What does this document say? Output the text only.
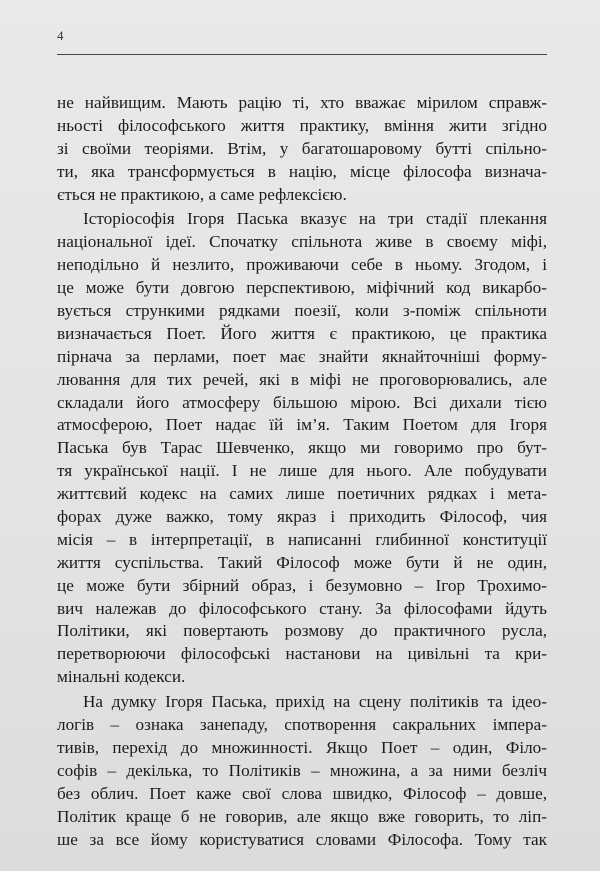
4
не найвищим. Мають рацію ті, хто вважає мірилом справж-
ньості філософського життя практику, вміння жити згідно
зі своїми теоріями. Втім, у багатошаровому бутті спільно-
ти, яка трансформується в націю, місце філософа визнача-
ється не практикою, а саме рефлексією.
Історіософія Ігоря Паська вказує на три стадії плекання
національної ідеї. Спочатку спільнота живе в своєму міфі,
неподільно й незлито, проживаючи себе в ньому. Згодом, і
це може бути довгою перспективою, міфічний код викарбо-
вується стрункими рядками поезії, коли з-поміж спільноти
визначається Поет. Його життя є практикою, це практика
пірнача за перлами, поет має знайти якнайточніші форму-
лювання для тих речей, які в міфі не проговорювались, але
складали його атмосферу більшою мірою. Всі дихали тією
атмосферою, Поет надає їй ім’я. Таким Поетом для Ігоря
Паська був Тарас Шевченко, якщо ми говоримо про бут-
тя української нації. І не лише для нього. Але побудувати
життєвий кодекс на самих лише поетичних рядках і мета-
форах дуже важко, тому якраз і приходить Філософ, чия
місія – в інтерпретації, в написанні глибинної конституції
життя суспільства. Такий Філософ може бути й не один,
це може бути збірний образ, і безумовно – Ігор Трохимо-
вич належав до філософського стану. За філософами йдуть
Політики, які повертають розмову до практичного русла,
перетворюючи філософські настанови на цивільні та кри-
мінальні кодекси.
На думку Ігоря Паська, прихід на сцену політиків та ідео-
логів – ознака занепаду, спотворення сакральних імпера-
тивів, перехід до множинності. Якщо Поет – один, Філо-
софів – декілька, то Політиків – множина, а за ними безліч
без облич. Поет каже свої слова швидко, Філософ – довше,
Політик краще б не говорив, але якщо вже говорить, то ліп-
ше за все йому користуватися словами Філософа. Тому так
